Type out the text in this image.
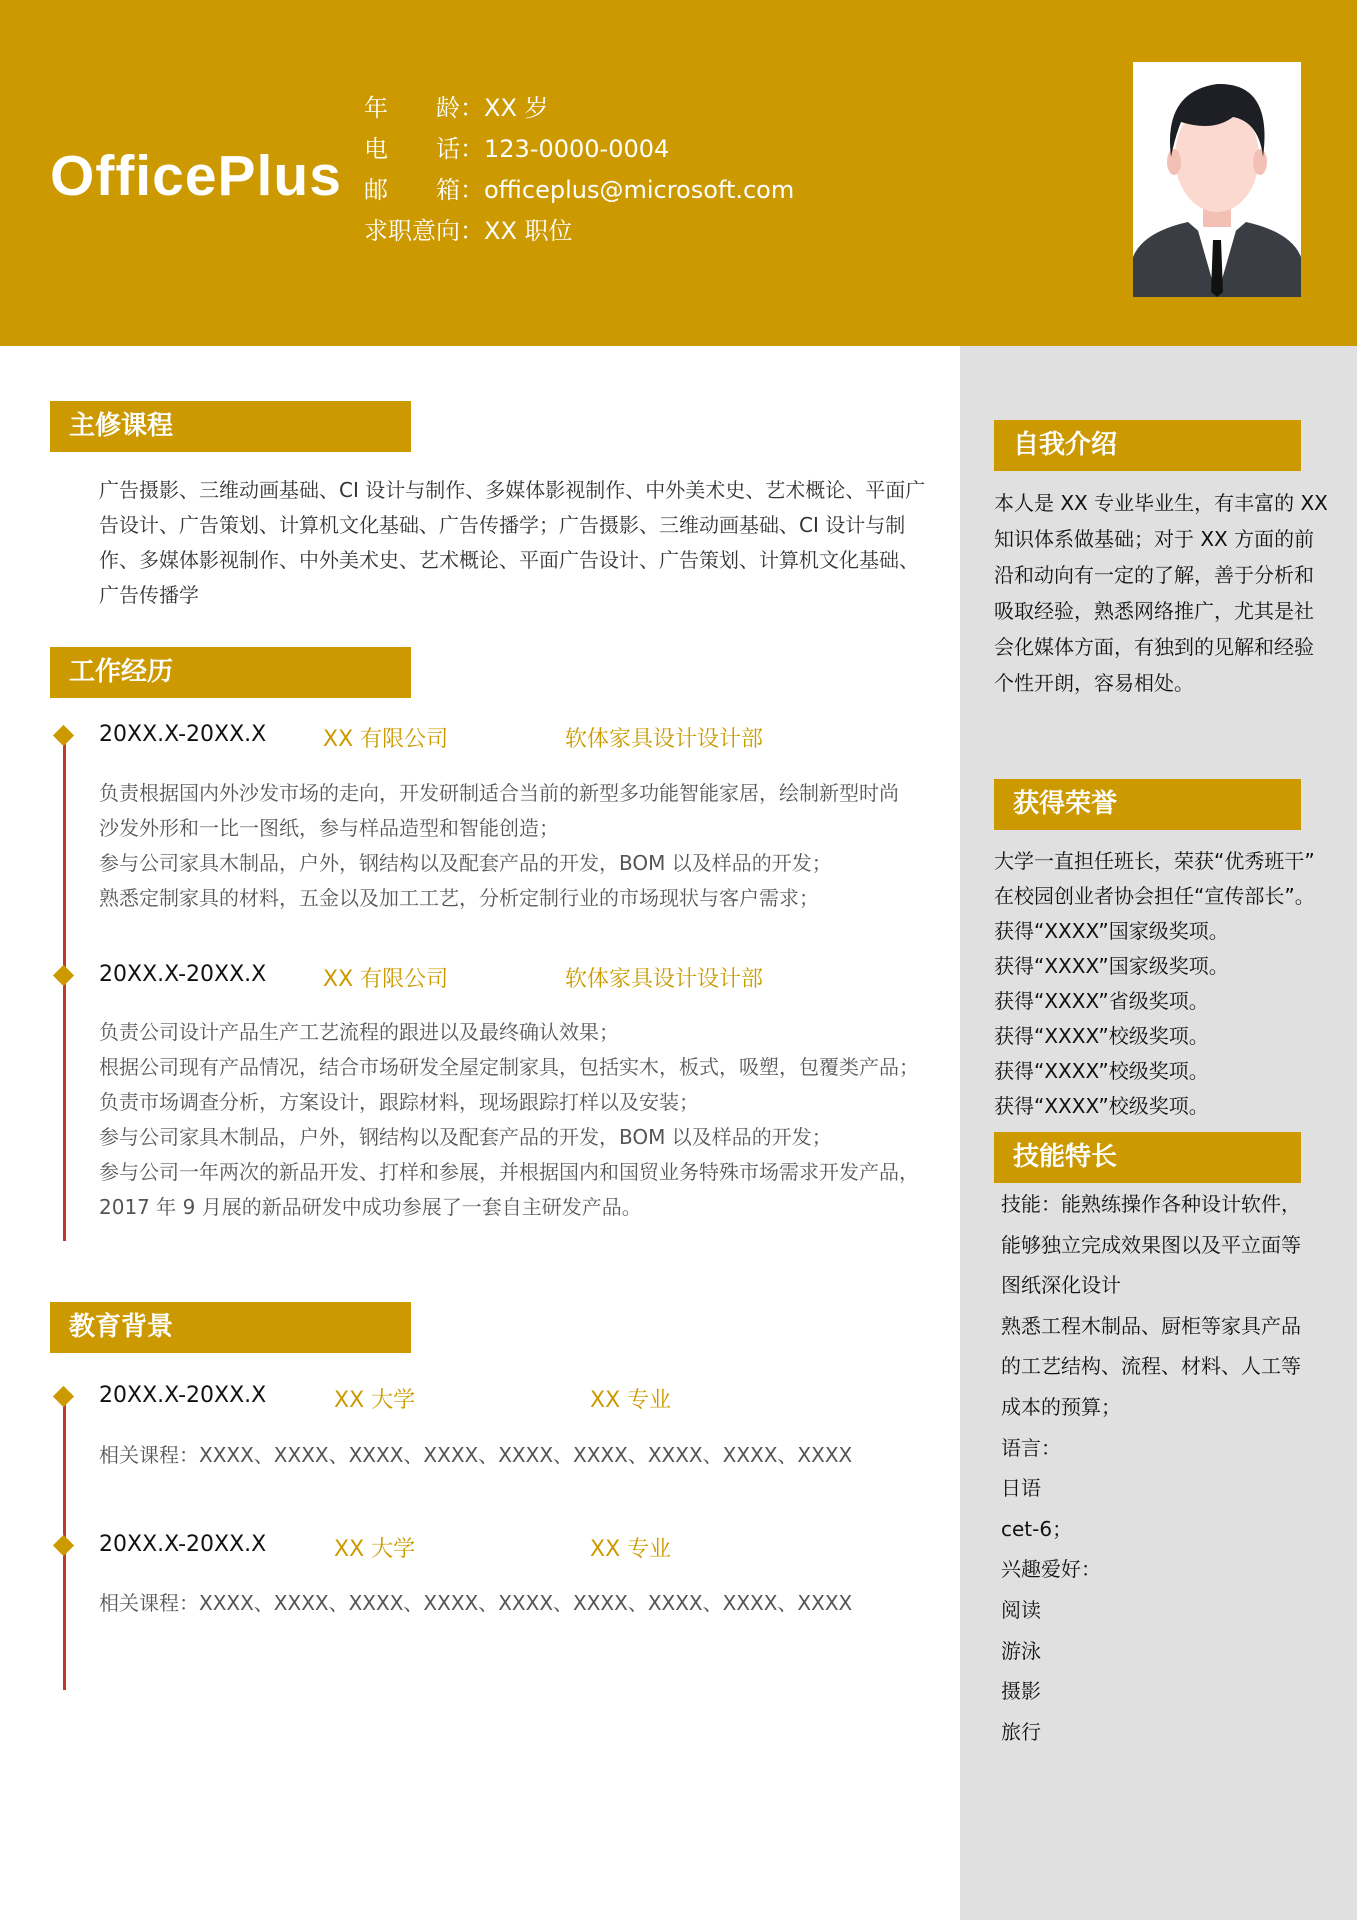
OfficePlus
年　　龄：XX 岁
电　　话：123-0000-0004
邮　　箱：officeplus@microsoft.com
求职意向：XX 职位
主修课程
广告摄影、三维动画基础、CI 设计与制作、多媒体影视制作、中外美术史、艺术概论、平面广告设计、广告策划、计算机文化基础、广告传播学；广告摄影、三维动画基础、CI 设计与制作、多媒体影视制作、中外美术史、艺术概论、平面广告设计、广告策划、计算机文化基础、广告传播学
工作经历
20XX.X-20XX.X	XX 有限公司	软体家具设计设计部
负责根据国内外沙发市场的走向，开发研制适合当前的新型多功能智能家居，绘制新型时尚
沙发外形和一比一图纸，参与样品造型和智能创造；
参与公司家具木制品，户外，钢结构以及配套产品的开发，BOM 以及样品的开发；
熟悉定制家具的材料，五金以及加工工艺，分析定制行业的市场现状与客户需求；
20XX.X-20XX.X	XX 有限公司	软体家具设计设计部
负责公司设计产品生产工艺流程的跟进以及最终确认效果；
根据公司现有产品情况，结合市场研发全屋定制家具，包括实木，板式，吸塑，包覆类产品；
负责市场调查分析，方案设计，跟踪材料，现场跟踪打样以及安装；
参与公司家具木制品，户外，钢结构以及配套产品的开发，BOM 以及样品的开发；
参与公司一年两次的新品开发、打样和参展，并根据国内和国贸业务特殊市场需求开发产品，
2017 年 9 月展的新品研发中成功参展了一套自主研发产品。
教育背景
20XX.X-20XX.X	XX 大学	XX 专业
相关课程：XXXX、XXXX、XXXX、XXXX、XXXX、XXXX、XXXX、XXXX、XXXX
20XX.X-20XX.X	XX 大学	XX 专业
相关课程：XXXX、XXXX、XXXX、XXXX、XXXX、XXXX、XXXX、XXXX、XXXX
自我介绍
本人是 XX 专业毕业生，有丰富的 XX
知识体系做基础；对于 XX 方面的前
沿和动向有一定的了解，善于分析和
吸取经验，熟悉网络推广，尤其是社
会化媒体方面，有独到的见解和经验
个性开朗，容易相处。
获得荣誉
大学一直担任班长，荣获“优秀班干”
在校园创业者协会担任“宣传部长”。
获得“XXXX”国家级奖项。
获得“XXXX”国家级奖项。
获得“XXXX”省级奖项。
获得“XXXX”校级奖项。
获得“XXXX”校级奖项。
获得“XXXX”校级奖项。
技能特长
技能：能熟练操作各种设计软件，
能够独立完成效果图以及平立面等
图纸深化设计
熟悉工程木制品、厨柜等家具产品
的工艺结构、流程、材料、人工等
成本的预算；
语言：
日语
cet-6；
兴趣爱好：
阅读
游泳
摄影
旅行
